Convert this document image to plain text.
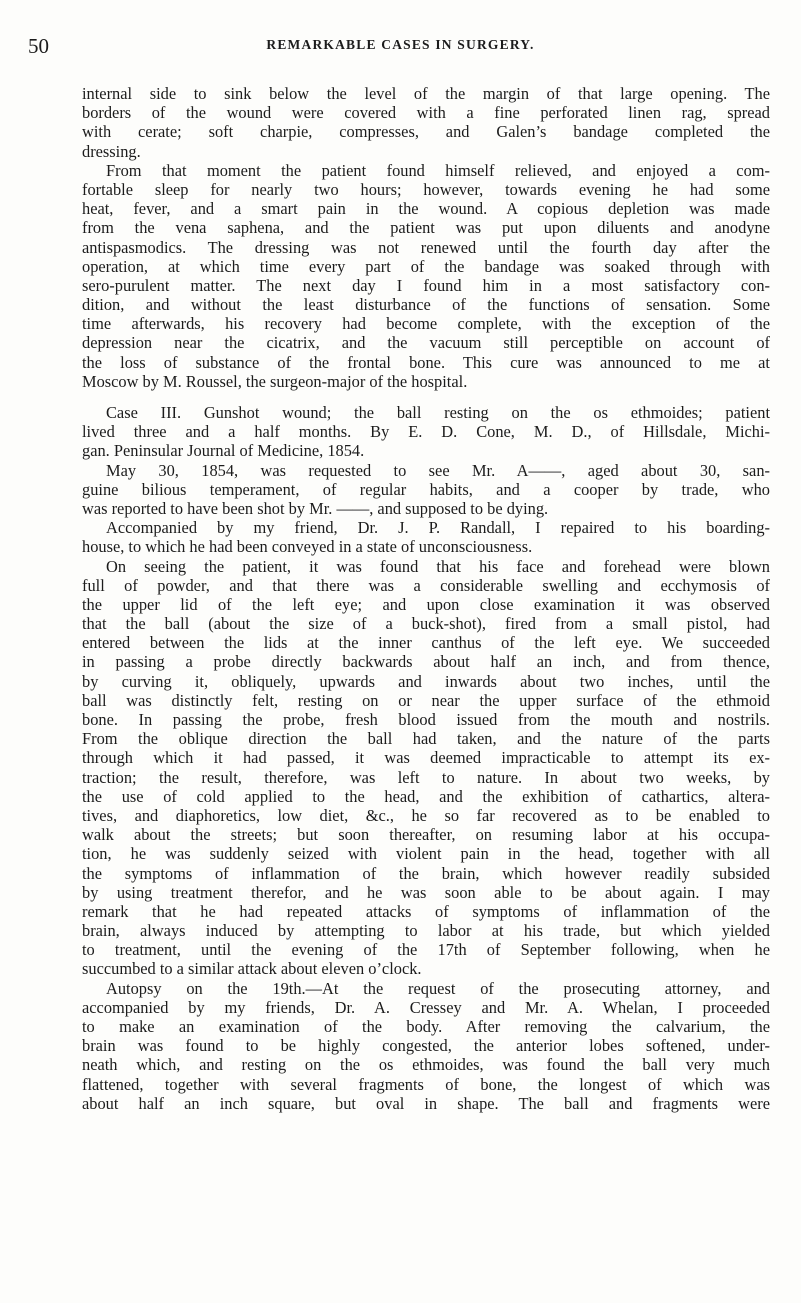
50	REMARKABLE CASES IN SURGERY.
internal side to sink below the level of the margin of that large opening. The
borders of the wound were covered with a fine perforated linen rag, spread
with cerate; soft charpie, compresses, and Galen’s bandage completed the
dressing.
From that moment the patient found himself relieved, and enjoyed a com-
fortable sleep for nearly two hours; however, towards evening he had some
heat, fever, and a smart pain in the wound. A copious depletion was made
from the vena saphena, and the patient was put upon diluents and anodyne
antispasmodics. The dressing was not renewed until the fourth day after the
operation, at which time every part of the bandage was soaked through with
sero-purulent matter. The next day I found him in a most satisfactory con-
dition, and without the least disturbance of the functions of sensation. Some
time afterwards, his recovery had become complete, with the exception of the
depression near the cicatrix, and the vacuum still perceptible on account of
the loss of substance of the frontal bone. This cure was announced to me at
Moscow by M. Roussel, the surgeon-major of the hospital.
Case III. Gunshot wound; the ball resting on the os ethmoides; patient
lived three and a half months. By E. D. Cone, M. D., of Hillsdale, Michi-
gan. Peninsular Journal of Medicine, 1854.
May 30, 1854, was requested to see Mr. A——, aged about 30, san-
guine bilious temperament, of regular habits, and a cooper by trade, who
was reported to have been shot by Mr. ——, and supposed to be dying.
Accompanied by my friend, Dr. J. P. Randall, I repaired to his boarding-
house, to which he had been conveyed in a state of unconsciousness.
On seeing the patient, it was found that his face and forehead were blown
full of powder, and that there was a considerable swelling and ecchymosis of
the upper lid of the left eye; and upon close examination it was observed
that the ball (about the size of a buck-shot), fired from a small pistol, had
entered between the lids at the inner canthus of the left eye. We succeeded
in passing a probe directly backwards about half an inch, and from thence,
by curving it, obliquely, upwards and inwards about two inches, until the
ball was distinctly felt, resting on or near the upper surface of the ethmoid
bone. In passing the probe, fresh blood issued from the mouth and nostrils.
From the oblique direction the ball had taken, and the nature of the parts
through which it had passed, it was deemed impracticable to attempt its ex-
traction; the result, therefore, was left to nature. In about two weeks, by
the use of cold applied to the head, and the exhibition of cathartics, altera-
tives, and diaphoretics, low diet, &c., he so far recovered as to be enabled to
walk about the streets; but soon thereafter, on resuming labor at his occupa-
tion, he was suddenly seized with violent pain in the head, together with all
the symptoms of inflammation of the brain, which however readily subsided
by using treatment therefor, and he was soon able to be about again. I may
remark that he had repeated attacks of symptoms of inflammation of the
brain, always induced by attempting to labor at his trade, but which yielded
to treatment, until the evening of the 17th of September following, when he
succumbed to a similar attack about eleven o’clock.
Autopsy on the 19th.—At the request of the prosecuting attorney, and
accompanied by my friends, Dr. A. Cressey and Mr. A. Whelan, I proceeded
to make an examination of the body. After removing the calvarium, the
brain was found to be highly congested, the anterior lobes softened, under-
neath which, and resting on the os ethmoides, was found the ball very much
flattened, together with several fragments of bone, the longest of which was
about half an inch square, but oval in shape. The ball and fragments were
